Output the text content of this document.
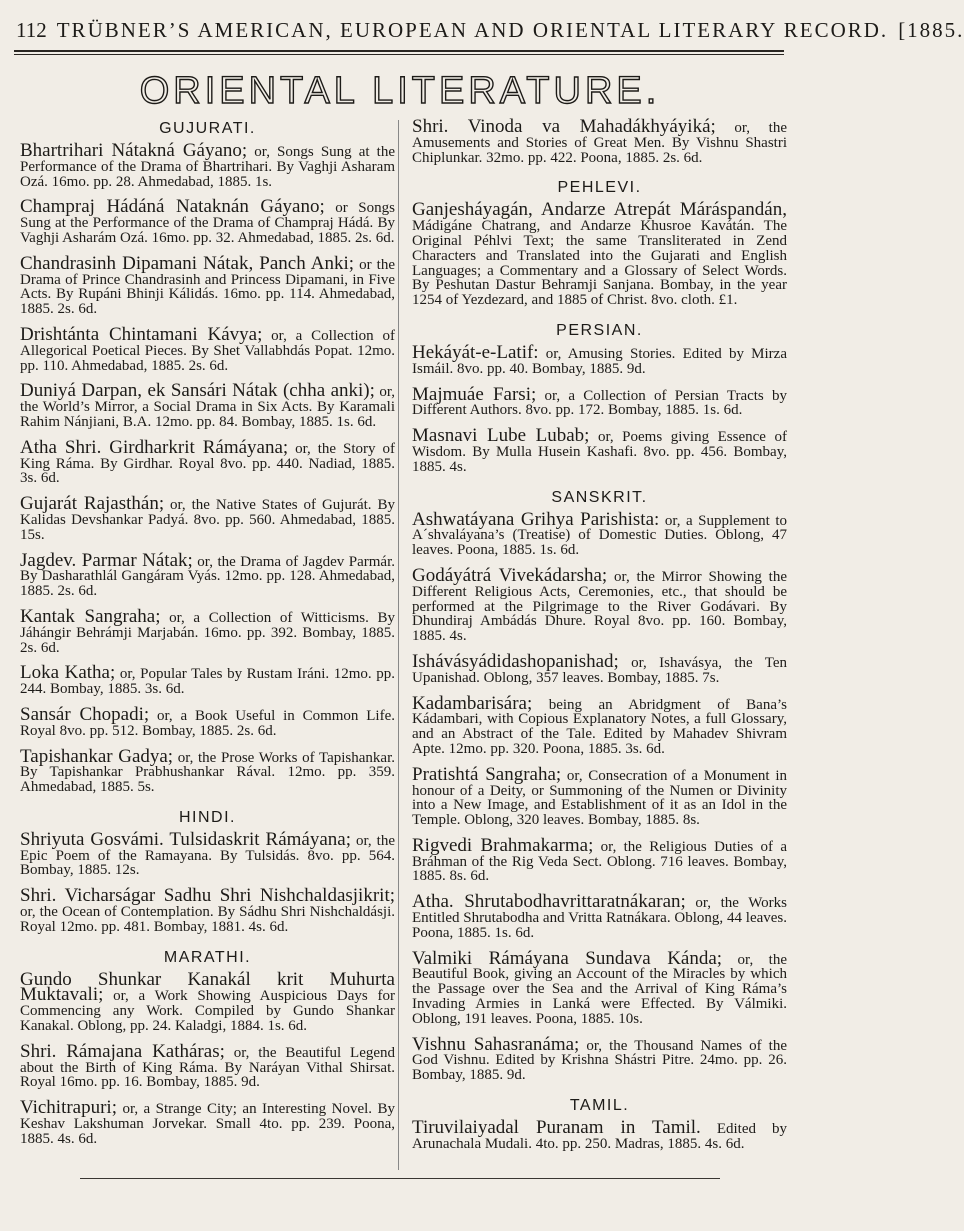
112 TRÜBNER’S AMERICAN, EUROPEAN AND ORIENTAL LITERARY RECORD. [1885.
ORIENTAL LITERATURE.
GUJURATI.

Bhartrihari Nátakná Gáyano; or, Songs Sung at the Performance of the Drama of Bhartrihari. By Vaghji Asharam Ozá. 16mo. pp. 28. Ahmedabad, 1885. 1s.

Champraj Hádáná Nataknán Gáyano; or Songs Sung at the Performance of the Drama of Champraj Hádá. By Vaghji Asharám Ozá. 16mo. pp. 32. Ahmedabad, 1885. 2s. 6d.

Chandrasinh Dipamani Nátak, Panch Anki; or the Drama of Prince Chandrasinh and Princess Dipamani, in Five Acts. By Rupáni Bhinji Kálidás. 16mo. pp. 114. Ahmedabad, 1885. 2s. 6d.

Drishtánta Chintamani Kávya; or, a Collection of Allegorical Poetical Pieces. By Shet Vallabhdás Popat. 12mo. pp. 110. Ahmedabad, 1885. 2s. 6d.

Duniyá Darpan, ek Sansári Nátak (chha anki); or, the World’s Mirror, a Social Drama in Six Acts. By Karamali Rahim Nánjiani, B.A. 12mo. pp. 84. Bombay, 1885. 1s. 6d.

Atha Shri. Girdharkrit Rámáyana; or, the Story of King Ráma. By Girdhar. Royal 8vo. pp. 440. Nadiad, 1885. 3s. 6d.

Gujarát Rajasthán; or, the Native States of Gujurát. By Kalidas Devshankar Padyá. 8vo. pp. 560. Ahmedabad, 1885. 15s.

Jagdev. Parmar Nátak; or, the Drama of Jagdev Parmár. By Dasharathlál Gangáram Vyás. 12mo. pp. 128. Ahmedabad, 1885. 2s. 6d.

Kantak Sangraha; or, a Collection of Witticisms. By Jáhángir Behrámji Marjabán. 16mo. pp. 392. Bombay, 1885. 2s. 6d.

Loka Katha; or, Popular Tales by Rustam Iráni. 12mo. pp. 244. Bombay, 1885. 3s. 6d.

Sansár Chopadi; or, a Book Useful in Common Life. Royal 8vo. pp. 512. Bombay, 1885. 2s. 6d.

Tapishankar Gadya; or, the Prose Works of Tapishankar. By Tapishankar Prabhushankar Rával. 12mo. pp. 359. Ahmedabad, 1885. 5s.

HINDI.

Shriyuta Gosvámi. Tulsidaskrit Rámáyana; or, the Epic Poem of the Ramayana. By Tulsidás. 8vo. pp. 564. Bombay, 1885. 12s.

Shri. Vicharságar Sadhu Shri Nishchaldasjikrit; or, the Ocean of Contemplation. By Sádhu Shri Nishchaldásji. Royal 12mo. pp. 481. Bombay, 1881. 4s. 6d.

MARATHI.

Gundo Shunkar Kanakál krit Muhurta Muktavali; or, a Work Showing Auspicious Days for Commencing any Work. Compiled by Gundo Shankar Kanakal. Oblong, pp. 24. Kaladgi, 1884. 1s. 6d.

Shri. Rámajana Katháras; or, the Beautiful Legend about the Birth of King Ráma. By Naráyan Vithal Shirsat. Royal 16mo. pp. 16. Bombay, 1885. 9d.

Vichitrapuri; or, a Strange City; an Interesting Novel. By Keshav Lakshuman Jorvekar. Small 4to. pp. 239. Poona, 1885. 4s. 6d.

Shri. Vinoda va Mahadákhyáyiká; or, the Amusements and Stories of Great Men. By Vishnu Shastri Chiplunkar. 32mo. pp. 422. Poona, 1885. 2s. 6d.

PEHLEVI.

Ganjesháyagán, Andarze Atrepát Máráspandán, Mádigáne Chatrang, and Andarze Khusroe Kavátán. The Original Péhlvi Text; the same Transliterated in Zend Characters and Translated into the Gujarati and English Languages; a Commentary and a Glossary of Select Words. By Peshutan Dastur Behramji Sanjana. Bombay, in the year 1254 of Yezdezard, and 1885 of Christ. 8vo. cloth. £1.

PERSIAN.

Hekáyát-e-Latif: or, Amusing Stories. Edited by Mirza Ismáil. 8vo. pp. 40. Bombay, 1885. 9d.

Majmuáe Farsi; or, a Collection of Persian Tracts by Different Authors. 8vo. pp. 172. Bombay, 1885. 1s. 6d.

Masnavi Lube Lubab; or, Poems giving Essence of Wisdom. By Mulla Husein Kashafi. 8vo. pp. 456. Bombay, 1885. 4s.

SANSKRIT.

Ashwatáyana Grihya Parishista: or, a Supplement to A´shvaláyana’s (Treatise) of Domestic Duties. Oblong, 47 leaves. Poona, 1885. 1s. 6d.

Godáyátrá Vivekádarsha; or, the Mirror Showing the Different Religious Acts, Ceremonies, etc., that should be performed at the Pilgrimage to the River Godávari. By Dhundiraj Ambádás Dhure. Royal 8vo. pp. 160. Bombay, 1885. 4s.

Ishávásyádidashopanishad; or, Ishavásya, the Ten Upanishad. Oblong, 357 leaves. Bombay, 1885. 7s.

Kadambarisára; being an Abridgment of Bana’s Kádambari, with Copious Explanatory Notes, a full Glossary, and an Abstract of the Tale. Edited by Mahadev Shivram Apte. 12mo. pp. 320. Poona, 1885. 3s. 6d.

Pratishtá Sangraha; or, Consecration of a Monument in honour of a Deity, or Summoning of the Numen or Divinity into a New Image, and Establishment of it as an Idol in the Temple. Oblong, 320 leaves. Bombay, 1885. 8s.

Rigvedi Brahmakarma; or, the Religious Duties of a Bráhman of the Rig Veda Sect. Oblong. 716 leaves. Bombay, 1885. 8s. 6d.

Atha. Shrutabodhavrittaratnákaran; or, the Works Entitled Shrutabodha and Vritta Ratnákara. Oblong, 44 leaves. Poona, 1885. 1s. 6d.

Valmiki Rámáyana Sundava Kánda; or, the Beautiful Book, giving an Account of the Miracles by which the Passage over the Sea and the Arrival of King Ráma’s Invading Armies in Lanká were Effected. By Válmiki. Oblong, 191 leaves. Poona, 1885. 10s.

Vishnu Sahasranáma; or, the Thousand Names of the God Vishnu. Edited by Krishna Shástri Pitre. 24mo. pp. 26. Bombay, 1885. 9d.

TAMIL.

Tiruvilaiyadal Puranam in Tamil. Edited by Arunachala Mudali. 4to. pp. 250. Madras, 1885. 4s. 6d.
